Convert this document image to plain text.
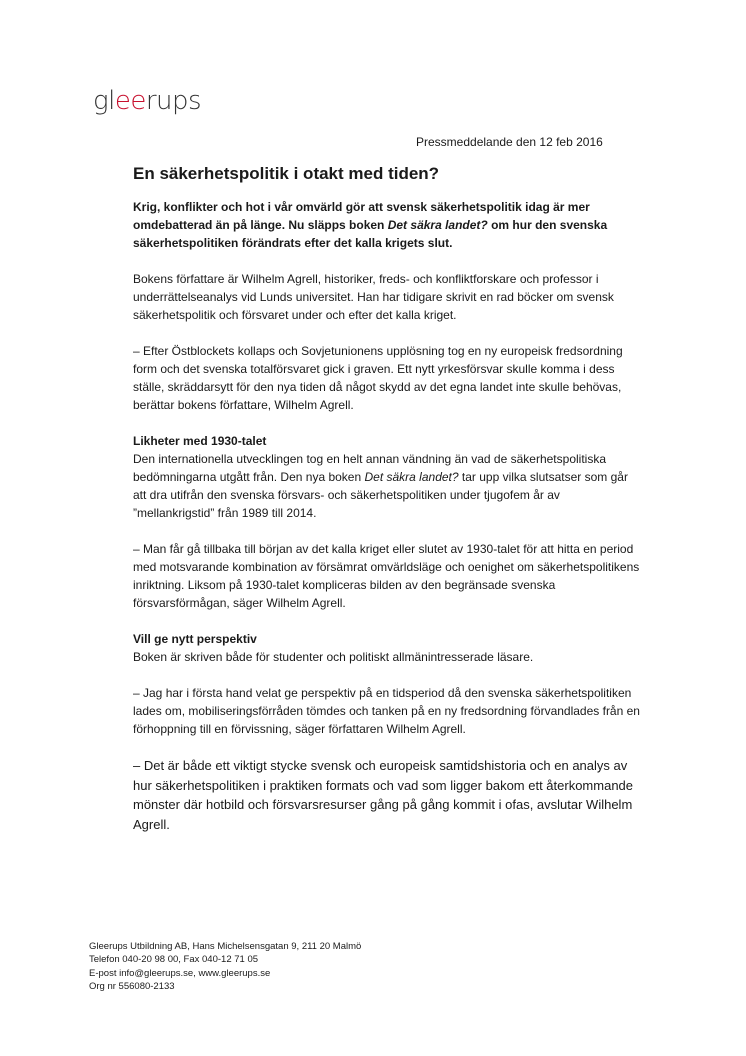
gleerups
Pressmeddelande den 12 feb 2016
En säkerhetspolitik i otakt med tiden?

Krig, konflikter och hot i vår omvärld gör att svensk säkerhetspolitik idag är mer omdebatterad än på länge. Nu släpps boken Det säkra landet? om hur den svenska säkerhetspolitiken förändrats efter det kalla krigets slut.

Bokens författare är Wilhelm Agrell, historiker, freds- och konfliktforskare och professor i underrättelseanalys vid Lunds universitet. Han har tidigare skrivit en rad böcker om svensk säkerhetspolitik och försvaret under och efter det kalla kriget.

– Efter Östblockets kollaps och Sovjetunionens upplösning tog en ny europeisk fredsordning form och det svenska totalförsvaret gick i graven. Ett nytt yrkesförsvar skulle komma i dess ställe, skräddarsytt för den nya tiden då något skydd av det egna landet inte skulle behövas, berättar bokens författare, Wilhelm Agrell.

Likheter med 1930-talet

Den internationella utvecklingen tog en helt annan vändning än vad de säkerhetspolitiska bedömningarna utgått från. Den nya boken Det säkra landet? tar upp vilka slutsatser som går att dra utifrån den svenska försvars- och säkerhetspolitiken under tjugofem år av ”mellankrigstid” från 1989 till 2014.

– Man får gå tillbaka till början av det kalla kriget eller slutet av 1930-talet för att hitta en period med motsvarande kombination av försämrat omvärldsläge och oenighet om säkerhetspolitikens inriktning. Liksom på 1930-talet kompliceras bilden av den begränsade svenska försvarsförmågan, säger Wilhelm Agrell.

Vill ge nytt perspektiv

Boken är skriven både för studenter och politiskt allmänintresserade läsare.

– Jag har i första hand velat ge perspektiv på en tidsperiod då den svenska säkerhetspolitiken lades om, mobiliseringsförråden tömdes och tanken på en ny fredsordning förvandlades från en förhoppning till en förvissning, säger författaren Wilhelm Agrell.

– Det är både ett viktigt stycke svensk och europeisk samtidshistoria och en analys av hur säkerhetspolitiken i praktiken formats och vad som ligger bakom ett återkommande mönster där hotbild och försvarsresurser gång på gång kommit i ofas, avslutar Wilhelm Agrell.

Gleerups Utbildning AB, Hans Michelsensgatan 9, 211 20 Malmö
Telefon 040-20 98 00, Fax 040-12 71 05
E-post info@gleerups.se, www.gleerups.se
Org nr 556080-2133
